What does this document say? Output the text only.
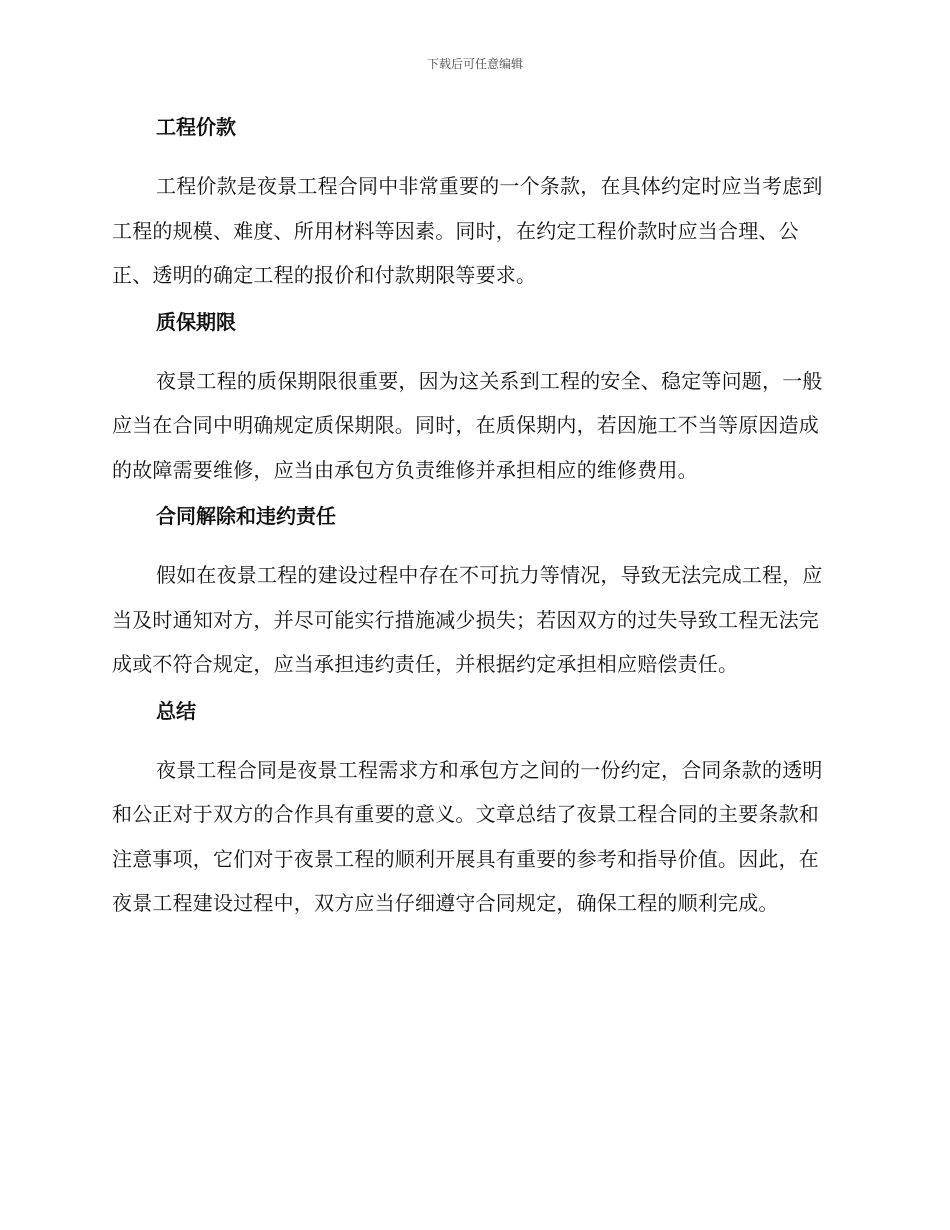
下载后可任意编辑
工程价款

工程价款是夜景工程合同中非常重要的一个条款，在具体约定时应当考虑到工程的规模、难度、所用材料等因素。同时，在约定工程价款时应当合理、公正、透明的确定工程的报价和付款期限等要求。

质保期限

夜景工程的质保期限很重要，因为这关系到工程的安全、稳定等问题，一般应当在合同中明确规定质保期限。同时，在质保期内，若因施工不当等原因造成的故障需要维修，应当由承包方负责维修并承担相应的维修费用。

合同解除和违约责任

假如在夜景工程的建设过程中存在不可抗力等情况，导致无法完成工程，应当及时通知对方，并尽可能实行措施减少损失；若因双方的过失导致工程无法完成或不符合规定，应当承担违约责任，并根据约定承担相应赔偿责任。

总结

夜景工程合同是夜景工程需求方和承包方之间的一份约定，合同条款的透明和公正对于双方的合作具有重要的意义。文章总结了夜景工程合同的主要条款和注意事项，它们对于夜景工程的顺利开展具有重要的参考和指导价值。因此，在夜景工程建设过程中，双方应当仔细遵守合同规定，确保工程的顺利完成。
